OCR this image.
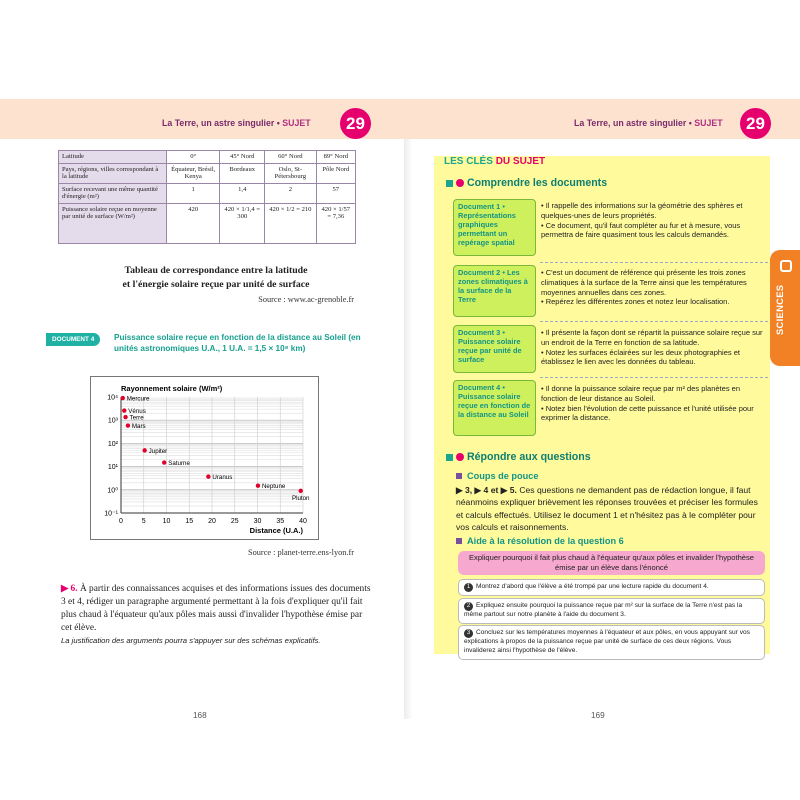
La Terre, un astre singulier • SUJET	29	La Terre, un astre singulier • SUJET	29
Latitude	0°	45° Nord	60° Nord	89° Nord
Pays, régions, villes correspondant à la latitude	Équateur, Brésil, Kenya	Bordeaux	Oslo, St-Pétersbourg	Pôle Nord
Surface recevant une même quantité d'énergie (m²)	1	1,4	2	57
Puissance solaire reçue en moyenne par unité de surface (W/m²)	420	420 × 1/1,4 = 300	420 × 1/2 = 210	420 × 1/57 = 7,36
Tableau de correspondance entre la latitude
et l'énergie solaire reçue par unité de surface
Source : www.ac-grenoble.fr
DOCUMENT 4	Puissance solaire reçue en fonction de la distance au Soleil (en unités astronomiques U.A., 1 U.A. = 1,5 × 10⁸ km)
0	5 10 15 20 25 30 35 40
10⁻¹
10⁰
10¹
10²
10³
10⁴
Rayonnement solaire (W/m²)
Distance (U.A.)
Mercure
Vénus
Terre
Mars
Jupiter
Saturne
Uranus
Neptune
Pluton
Source : planet-terre.ens-lyon.fr
▶ 6. À partir des connaissances acquises et des informations issues des documents 3 et 4, rédiger un paragraphe argumenté permettant à la fois d'expliquer qu'il fait plus chaud à l'équateur qu'aux pôles mais aussi d'invalider l'hypothèse émise par cet élève.
La justification des arguments pourra s'appuyer sur des schémas explicatifs.
168	169
LES CLÉS DU SUJET
Comprendre les documents
Document 1 • Représentations graphiques permettant un repérage spatial
• Il rappelle des informations sur la géométrie des sphères et quelques-unes de leurs propriétés.
• Ce document, qu'il faut compléter au fur et à mesure, vous permettra de faire quasiment tous les calculs demandés.
Document 2 • Les zones climatiques à la surface de la Terre
• C'est un document de référence qui présente les trois zones climatiques à la surface de la Terre ainsi que les températures moyennes annuelles dans ces zones.
• Repérez les différentes zones et notez leur localisation.
Document 3 • Puissance solaire reçue par unité de surface
• Il présente la façon dont se répartit la puissance solaire reçue sur un endroit de la Terre en fonction de sa latitude.
• Notez les surfaces éclairées sur les deux photographies et établissez le lien avec les données du tableau.
Document 4 • Puissance solaire reçue en fonction de la distance au Soleil
• Il donne la puissance solaire reçue par m² des planètes en fonction de leur distance au Soleil.
• Notez bien l'évolution de cette puissance et l'unité utilisée pour exprimer la distance.
Répondre aux questions
Coups de pouce
▶ 3, ▶ 4 et ▶ 5. Ces questions ne demandent pas de rédaction longue, il faut néanmoins expliquer brièvement les réponses trouvées et préciser les formules et calculs effectués. Utilisez le document 1 et n'hésitez pas à le compléter pour vos calculs et raisonnements.
Aide à la résolution de la question 6
Expliquer pourquoi il fait plus chaud à l'équateur qu'aux pôles et invalider l'hypothèse émise par un élève dans l'énoncé
1 Montrez d'abord que l'élève a été trompé par une lecture rapide du document 4.
2 Expliquez ensuite pourquoi la puissance reçue par m² sur la surface de la Terre n'est pas la même partout sur notre planète à l'aide du document 3.
3 Concluez sur les températures moyennes à l'équateur et aux pôles, en vous appuyant sur vos explications à propos de la puissance reçue par unité de surface de ces deux régions. Vous invaliderez ainsi l'hypothèse de l'élève.
SCIENCES
